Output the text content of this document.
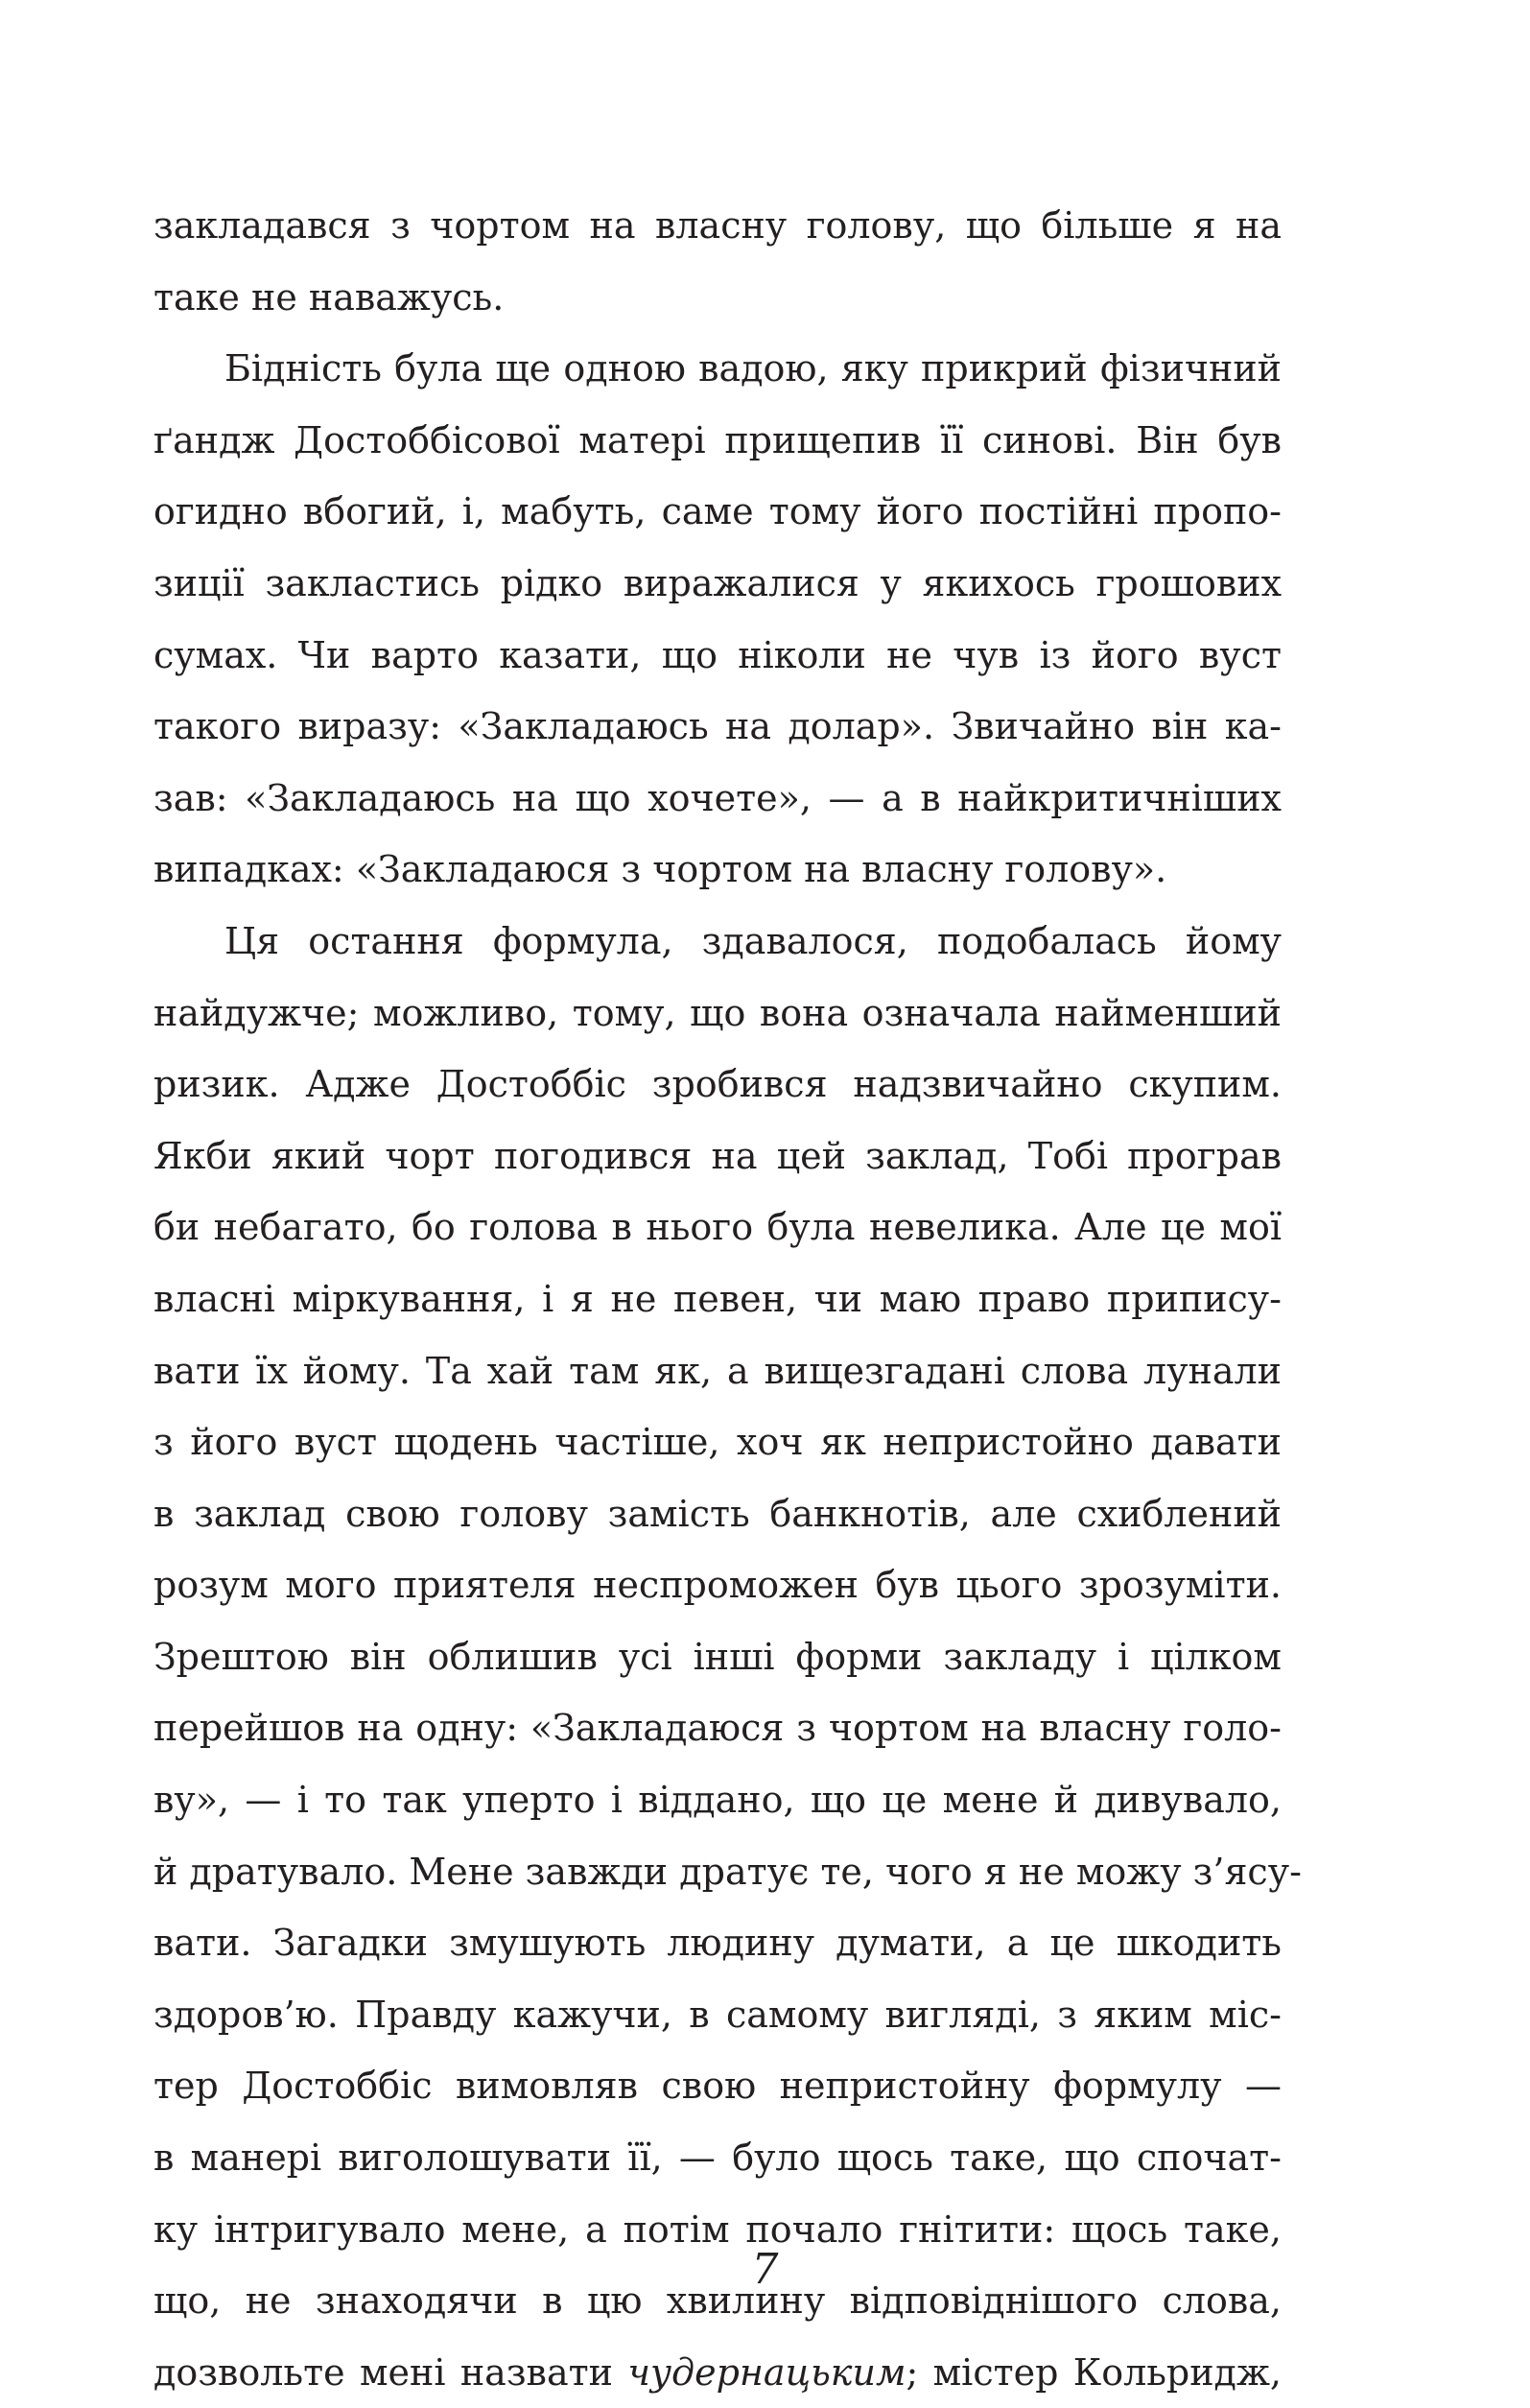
закладався з чортом на власну голову, що більше я на
таке не наважусь.
Бідність була ще одною вадою, яку прикрий фізичний
ґандж Достоббісової матері прищепив її синові. Він був
огидно вбогий, і, мабуть, саме тому його постійні пропо-
зиції закластись рідко виражалися у якихось грошових
сумах. Чи варто казати, що ніколи не чув із його вуст
такого виразу: «Закладаюсь на долар». Звичайно він ка-
зав: «Закладаюсь на що хочете», — а в найкритичніших
випадках: «Закладаюся з чортом на власну голову».
Ця остання формула, здавалося, подобалась йому
найдужче; можливо, тому, що вона означала найменший
ризик. Адже Достоббіс зробився надзвичайно скупим.
Якби який чорт погодився на цей заклад, Тобі програв
би небагато, бо голова в нього була невелика. Але це мої
власні міркування, і я не певен, чи маю право припису-
вати їх йому. Та хай там як, а вищезгадані слова лунали
з його вуст щодень частіше, хоч як непристойно давати
в заклад свою голову замість банкнотів, але схиблений
розум мого приятеля неспроможен був цього зрозуміти.
Зрештою він облишив усі інші форми закладу і цілком
перейшов на одну: «Закладаюся з чортом на власну голо-
ву», — і то так уперто і віддано, що це мене й дивувало,
й дратувало. Мене завжди дратує те, чого я не можу з’ясу-
вати. Загадки змушують людину думати, а це шкодить
здоров’ю. Правду кажучи, в самому вигляді, з яким міс-
тер Достоббіс вимовляв свою непристойну формулу —
в манері виголошувати її, — було щось таке, що спочат-
ку інтригувало мене, а потім почало гнітити: щось таке,
що, не знаходячи в цю хвилину відповіднішого слова,
дозвольте мені назвати чудернацьким; містер Кольридж,
7
